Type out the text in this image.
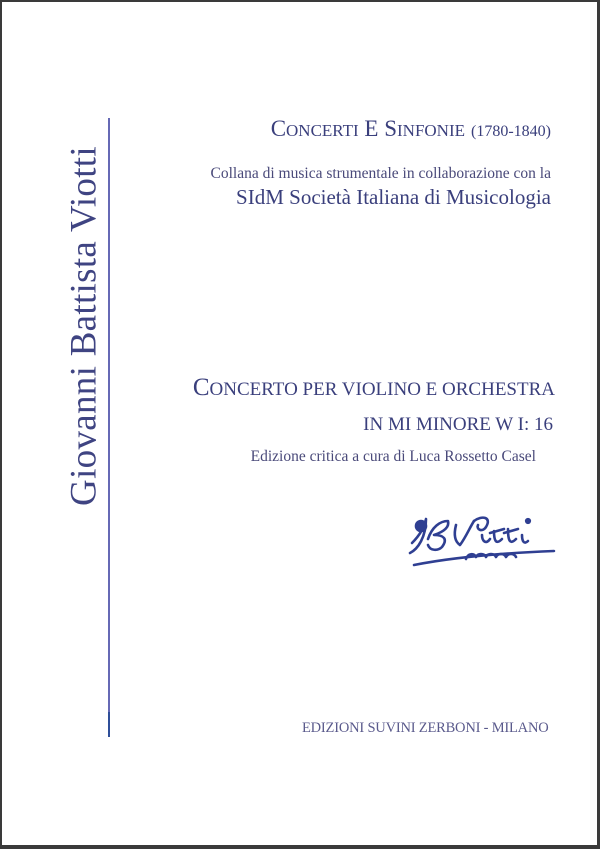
Giovanni Battista Viotti
CONCERTI E SINFONIE (1780-1840)
Collana di musica strumentale in collaborazione con la
SIdM Società Italiana di Musicologia
CONCERTO PER VIOLINO E ORCHESTRA
IN MI MINORE W I: 16
Edizione critica a cura di Luca Rossetto Casel
EDIZIONI SUVINI ZERBONI - MILANO
